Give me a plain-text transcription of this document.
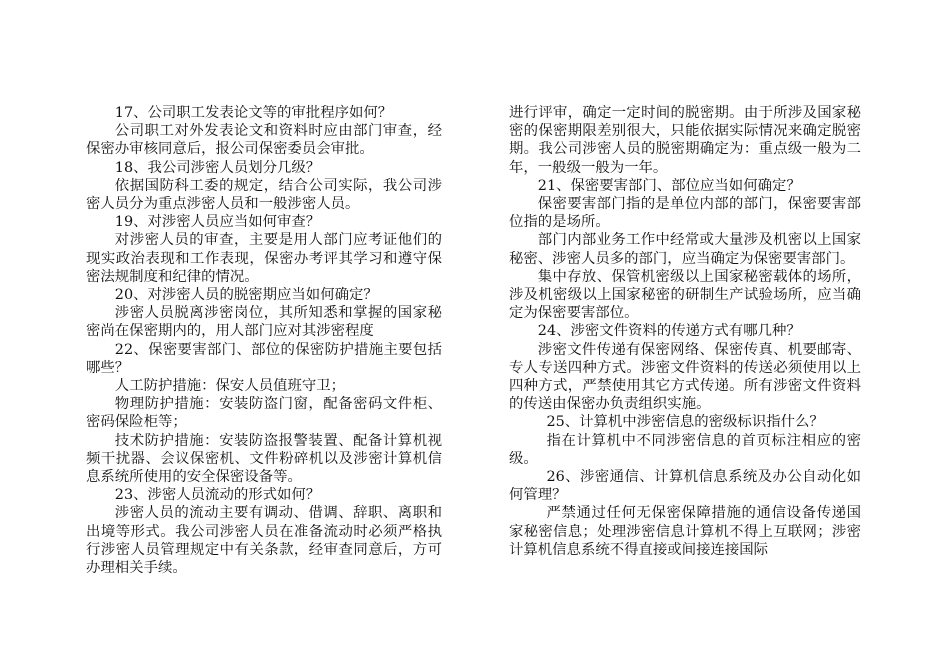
17、公司职工发表论文等的审批程序如何？

公司职工对外发表论文和资料时应由部门审查，经保密办审核同意后，报公司保密委员会审批。

18、我公司涉密人员划分几级？

依据国防科工委的规定，结合公司实际，我公司涉密人员分为重点涉密人员和一般涉密人员。

19、对涉密人员应当如何审查？

对涉密人员的审查，主要是用人部门应考证他们的现实政治表现和工作表现，保密办考评其学习和遵守保密法规制度和纪律的情况。

20、对涉密人员的脱密期应当如何确定？

涉密人员脱离涉密岗位，其所知悉和掌握的国家秘密尚在保密期内的，用人部门应对其涉密程度

22、保密要害部门、部位的保密防护措施主要包括哪些？

人工防护措施：保安人员值班守卫；

物理防护措施：安装防盗门窗，配备密码文件柜、密码保险柜等；

技术防护措施：安装防盗报警装置、配备计算机视频干扰器、会议保密机、文件粉碎机以及涉密计算机信息系统所使用的安全保密设备等。

23、涉密人员流动的形式如何？

涉密人员的流动主要有调动、借调、辞职、离职和出境等形式。我公司涉密人员在准备流动时必须严格执行涉密人员管理规定中有关条款，经审查同意后，方可办理相关手续。

进行评审，确定一定时间的脱密期。由于所涉及国家秘密的保密期限差别很大，只能依据实际情况来确定脱密期。我公司涉密人员的脱密期确定为：重点级一般为二年，一般级一般为一年。

21、保密要害部门、部位应当如何确定？

保密要害部门指的是单位内部的部门，保密要害部位指的是场所。

部门内部业务工作中经常或大量涉及机密以上国家秘密、涉密人员多的部门，应当确定为保密要害部门。

集中存放、保管机密级以上国家秘密载体的场所，涉及机密级以上国家秘密的研制生产试验场所，应当确定为保密要害部位。

24、涉密文件资料的传递方式有哪几种？

涉密文件传递有保密网络、保密传真、机要邮寄、专人专送四种方式。涉密文件资料的传送必须使用以上四种方式，严禁使用其它方式传递。所有涉密文件资料的传送由保密办负责组织实施。

25、计算机中涉密信息的密级标识指什么？

指在计算机中不同涉密信息的首页标注相应的密级。

26、涉密通信、计算机信息系统及办公自动化如何管理？

严禁通过任何无保密保障措施的通信设备传递国家秘密信息；处理涉密信息计算机不得上互联网；涉密计算机信息系统不得直接或间接连接国际
